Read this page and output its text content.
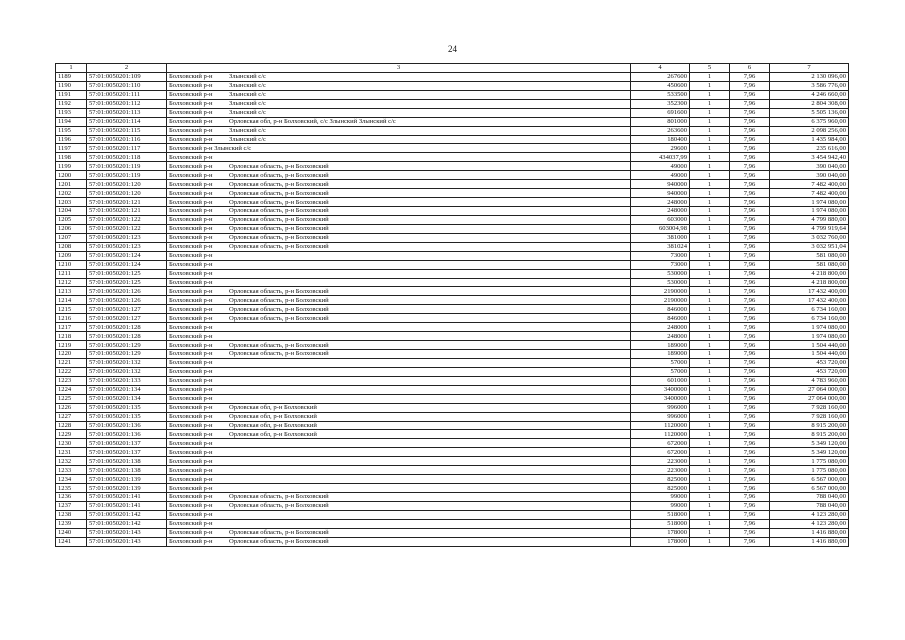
24
1	2	3	4	5	6	7
1189	57:01:0050201:109	Болховский р-н Злынский с/с	267600	1	7,96	2 130 096,00
1190	57:01:0050201:110	Болховский р-н Злынский с/с	450600	1	7,96	3 586 776,00
1191	57:01:0050201:111	Болховский р-н Злынский с/с	533500	1	7,96	4 246 660,00
1192	57:01:0050201:112	Болховский р-н Злынский с/с	352300	1	7,96	2 804 308,00
1193	57:01:0050201:113	Болховский р-н Злынский с/с	691600	1	7,96	5 505 136,00
1194	57:01:0050201:114	Болховский р-н Орловская обл, р-н Болховский, с/с Злынский Злынский с/с	801000	1	7,96	6 375 960,00
1195	57:01:0050201:115	Болховский р-н Злынский с/с	263600	1	7,96	2 098 256,00
1196	57:01:0050201:116	Болховский р-н Злынский с/с	180400	1	7,96	1 435 984,00
1197	57:01:0050201:117	Болховский р-н Злынский с/с	29600	1	7,96	235 616,00
1198	57:01:0050201:118	Болховский р-н	434037,99	1	7,96	3 454 942,40
1199	57:01:0050201:119	Болховский р-н Орловская область, р-н Болховский	49000	1	7,96	390 040,00
1200	57:01:0050201:119	Болховский р-н Орловская область, р-н Болховский	49000	1	7,96	390 040,00
1201	57:01:0050201:120	Болховский р-н Орловская область, р-н Болховский	940000	1	7,96	7 482 400,00
1202	57:01:0050201:120	Болховский р-н Орловская область, р-н Болховский	940000	1	7,96	7 482 400,00
1203	57:01:0050201:121	Болховский р-н Орловская область, р-н Болховский	248000	1	7,96	1 974 080,00
1204	57:01:0050201:121	Болховский р-н Орловская область, р-н Болховский	248000	1	7,96	1 974 080,00
1205	57:01:0050201:122	Болховский р-н Орловская область, р-н Болховский	603000	1	7,96	4 799 880,00
1206	57:01:0050201:122	Болховский р-н Орловская область, р-н Болховский	603004,98	1	7,96	4 799 919,64
1207	57:01:0050201:123	Болховский р-н Орловская область, р-н Болховский	381000	1	7,96	3 032 760,00
1208	57:01:0050201:123	Болховский р-н Орловская область, р-н Болховский	381024	1	7,96	3 032 951,04
1209	57:01:0050201:124	Болховский р-н	73000	1	7,96	581 080,00
1210	57:01:0050201:124	Болховский р-н	73000	1	7,96	581 080,00
1211	57:01:0050201:125	Болховский р-н	530000	1	7,96	4 218 800,00
1212	57:01:0050201:125	Болховский р-н	530000	1	7,96	4 218 800,00
1213	57:01:0050201:126	Болховский р-н Орловская область, р-н Болховский	2190000	1	7,96	17 432 400,00
1214	57:01:0050201:126	Болховский р-н Орловская область, р-н Болховский	2190000	1	7,96	17 432 400,00
1215	57:01:0050201:127	Болховский р-н Орловская область, р-н Болховский	846000	1	7,96	6 734 160,00
1216	57:01:0050201:127	Болховский р-н Орловская область, р-н Болховский	846000	1	7,96	6 734 160,00
1217	57:01:0050201:128	Болховский р-н	248000	1	7,96	1 974 080,00
1218	57:01:0050201:128	Болховский р-н	248000	1	7,96	1 974 080,00
1219	57:01:0050201:129	Болховский р-н Орловская область, р-н Болховский	189000	1	7,96	1 504 440,00
1220	57:01:0050201:129	Болховский р-н Орловская область, р-н Болховский	189000	1	7,96	1 504 440,00
1221	57:01:0050201:132	Болховский р-н	57000	1	7,96	453 720,00
1222	57:01:0050201:132	Болховский р-н	57000	1	7,96	453 720,00
1223	57:01:0050201:133	Болховский р-н	601000	1	7,96	4 783 960,00
1224	57:01:0050201:134	Болховский р-н	3400000	1	7,96	27 064 000,00
1225	57:01:0050201:134	Болховский р-н	3400000	1	7,96	27 064 000,00
1226	57:01:0050201:135	Болховский р-н Орловская обл, р-н Болховский	996000	1	7,96	7 928 160,00
1227	57:01:0050201:135	Болховский р-н Орловская обл, р-н Болховский	996000	1	7,96	7 928 160,00
1228	57:01:0050201:136	Болховский р-н Орловская обл, р-н Болховский	1120000	1	7,96	8 915 200,00
1229	57:01:0050201:136	Болховский р-н Орловская обл, р-н Болховский	1120000	1	7,96	8 915 200,00
1230	57:01:0050201:137	Болховский р-н	672000	1	7,96	5 349 120,00
1231	57:01:0050201:137	Болховский р-н	672000	1	7,96	5 349 120,00
1232	57:01:0050201:138	Болховский р-н	223000	1	7,96	1 775 080,00
1233	57:01:0050201:138	Болховский р-н	223000	1	7,96	1 775 080,00
1234	57:01:0050201:139	Болховский р-н	825000	1	7,96	6 567 000,00
1235	57:01:0050201:139	Болховский р-н	825000	1	7,96	6 567 000,00
1236	57:01:0050201:141	Болховский р-н Орловская область, р-н Болховский	99000	1	7,96	788 040,00
1237	57:01:0050201:141	Болховский р-н Орловская область, р-н Болховский	99000	1	7,96	788 040,00
1238	57:01:0050201:142	Болховский р-н	518000	1	7,96	4 123 280,00
1239	57:01:0050201:142	Болховский р-н	518000	1	7,96	4 123 280,00
1240	57:01:0050201:143	Болховский р-н Орловская область, р-н Болховский	178000	1	7,96	1 416 880,00
1241	57:01:0050201:143	Болховский р-н Орловская область, р-н Болховский	178000	1	7,96	1 416 880,00
